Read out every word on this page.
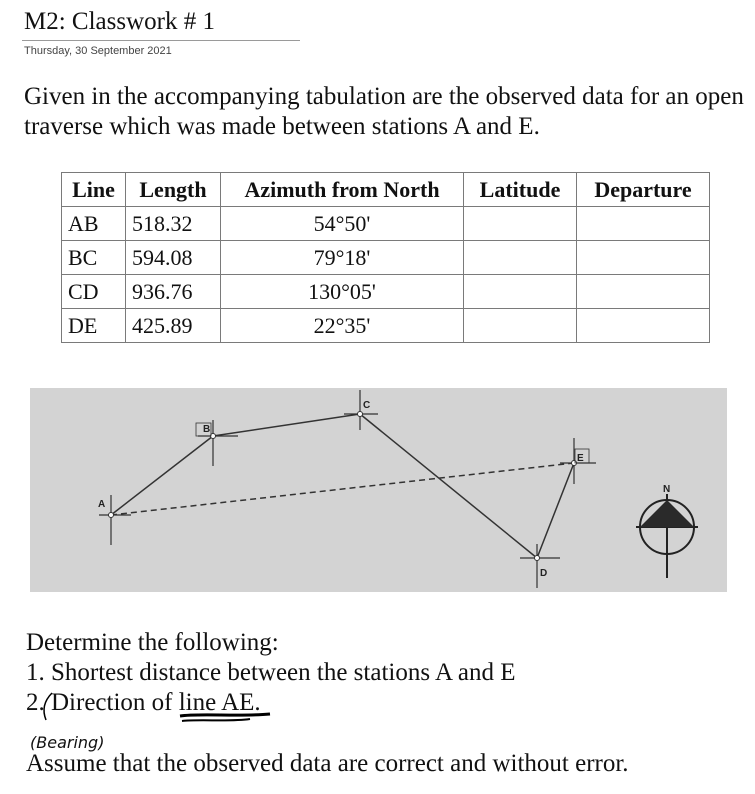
M2: Classwork # 1
Thursday, 30 September 2021
Given in the accompanying tabulation are the observed data for an open traverse which was made between stations A and E.
Line	Length	Azimuth from North	Latitude	Departure
AB	518.32	54°50'		
BC	594.08	79°18'		
CD	936.76	130°05'		
DE	425.89	22°35'		
A
B
C
D
E
N
Determine the following:
1. Shortest distance between the stations A and E
2. Direction of line AE.
(Bearing)
Assume that the observed data are correct and without error.
